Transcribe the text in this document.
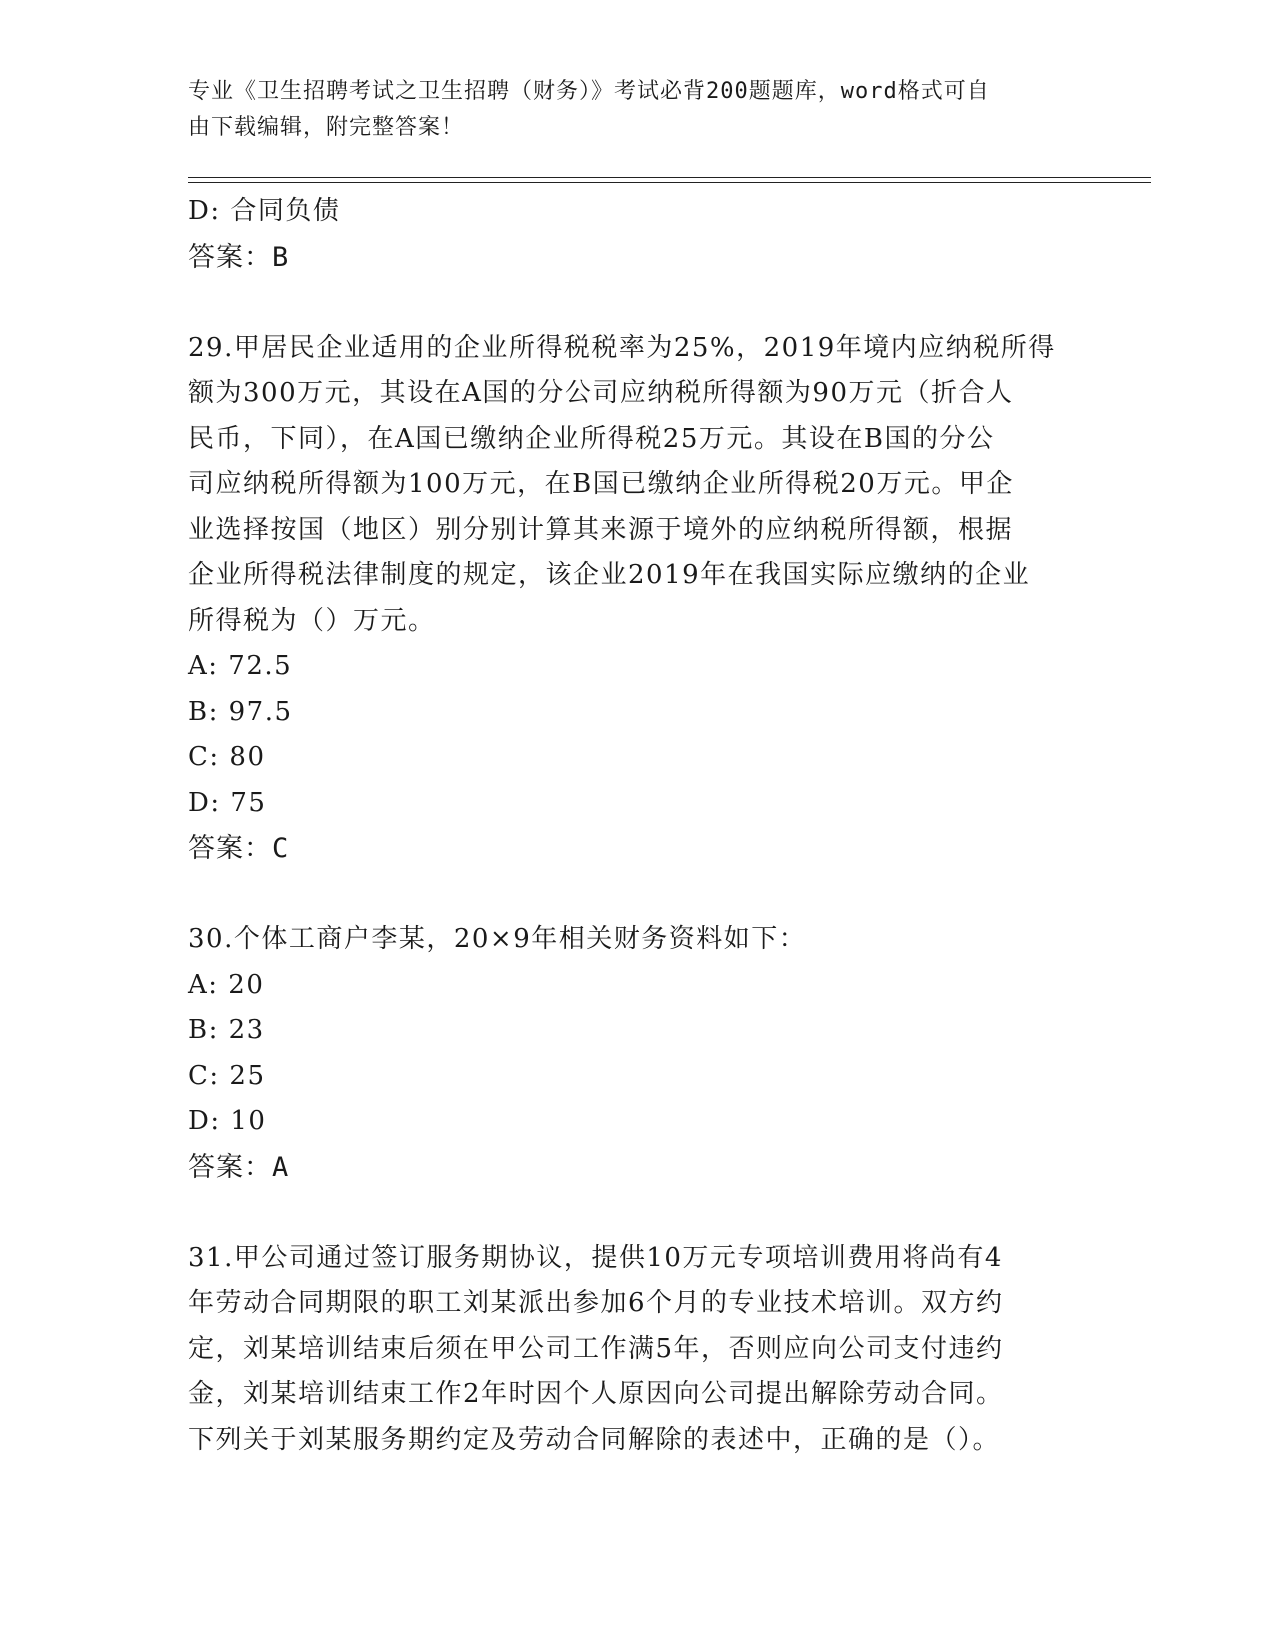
专业《卫生招聘考试之卫生招聘（财务）》考试必背200题题库，word格式可自
由下载编辑，附完整答案！
D: 合同负债
答案：B
29.甲居民企业适用的企业所得税税率为25%，2019年境内应纳税所得
额为300万元，其设在A国的分公司应纳税所得额为90万元（折合人
民币，下同），在A国已缴纳企业所得税25万元。其设在B国的分公
司应纳税所得额为100万元，在B国已缴纳企业所得税20万元。甲企
业选择按国（地区）别分别计算其来源于境外的应纳税所得额，根据
企业所得税法律制度的规定，该企业2019年在我国实际应缴纳的企业
所得税为（）万元。
A: 72.5
B: 97.5
C: 80
D: 75
答案：C
30.个体工商户李某，20×9年相关财务资料如下：
A: 20
B: 23
C: 25
D: 10
答案：A
31.甲公司通过签订服务期协议，提供10万元专项培训费用将尚有4
年劳动合同期限的职工刘某派出参加6个月的专业技术培训。双方约
定，刘某培训结束后须在甲公司工作满5年，否则应向公司支付违约
金，刘某培训结束工作2年时因个人原因向公司提出解除劳动合同。
下列关于刘某服务期约定及劳动合同解除的表述中，正确的是（）。
